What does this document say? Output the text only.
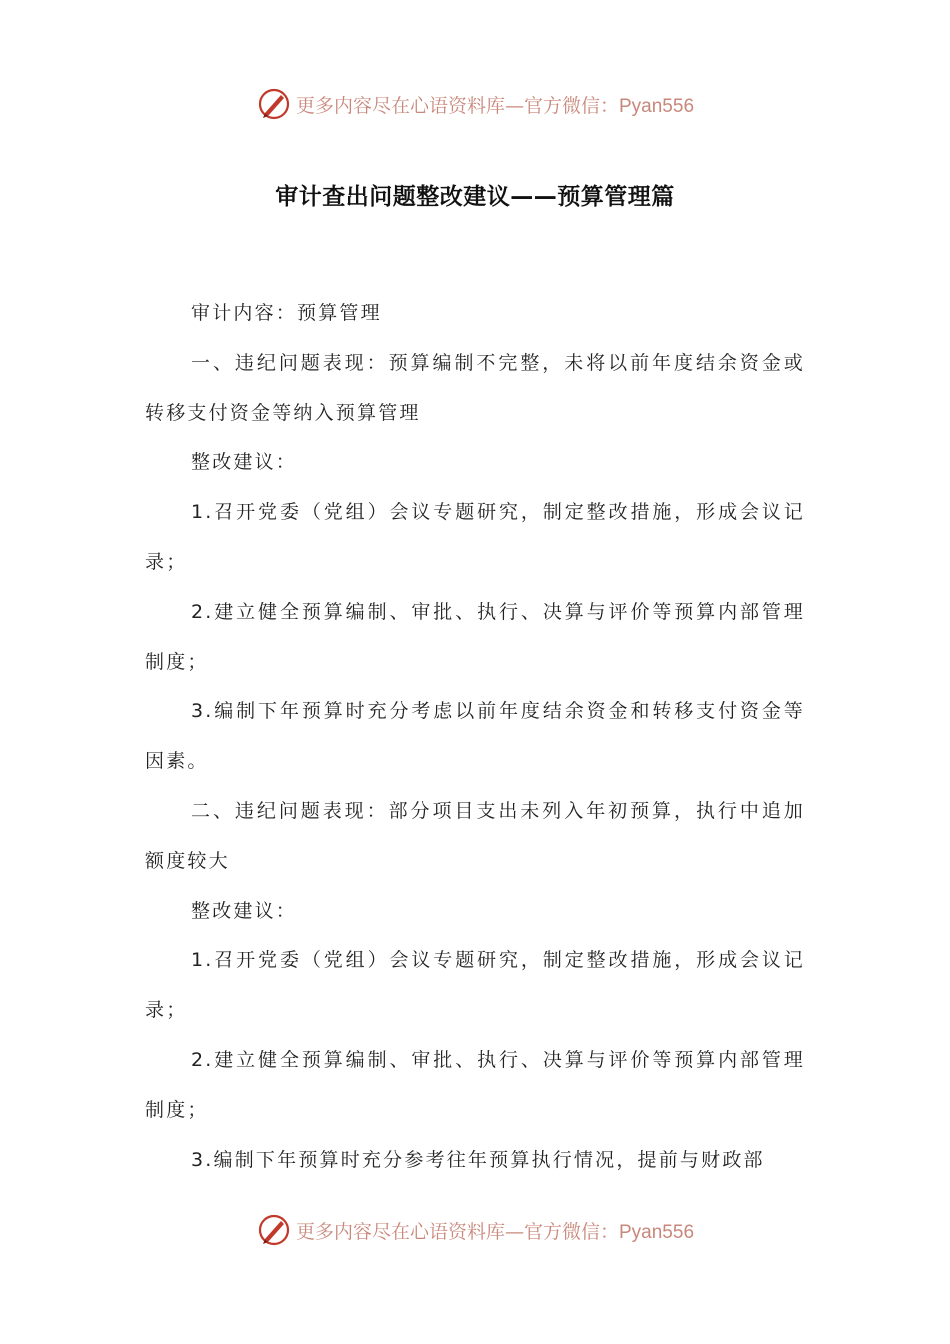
更多内容尽在心语资料库—官方微信：Pyan556
审计查出问题整改建议——预算管理篇

审计内容：预算管理

一、违纪问题表现：预算编制不完整，未将以前年度结余资金或转移支付资金等纳入预算管理

整改建议：

1.召开党委（党组）会议专题研究，制定整改措施，形成会议记录；

2.建立健全预算编制、审批、执行、决算与评价等预算内部管理制度；

3.编制下年预算时充分考虑以前年度结余资金和转移支付资金等因素。

二、违纪问题表现：部分项目支出未列入年初预算，执行中追加额度较大

整改建议：

1.召开党委（党组）会议专题研究，制定整改措施，形成会议记录；

2.建立健全预算编制、审批、执行、决算与评价等预算内部管理制度；

3.编制下年预算时充分参考往年预算执行情况，提前与财政部

更多内容尽在心语资料库—官方微信：Pyan556
